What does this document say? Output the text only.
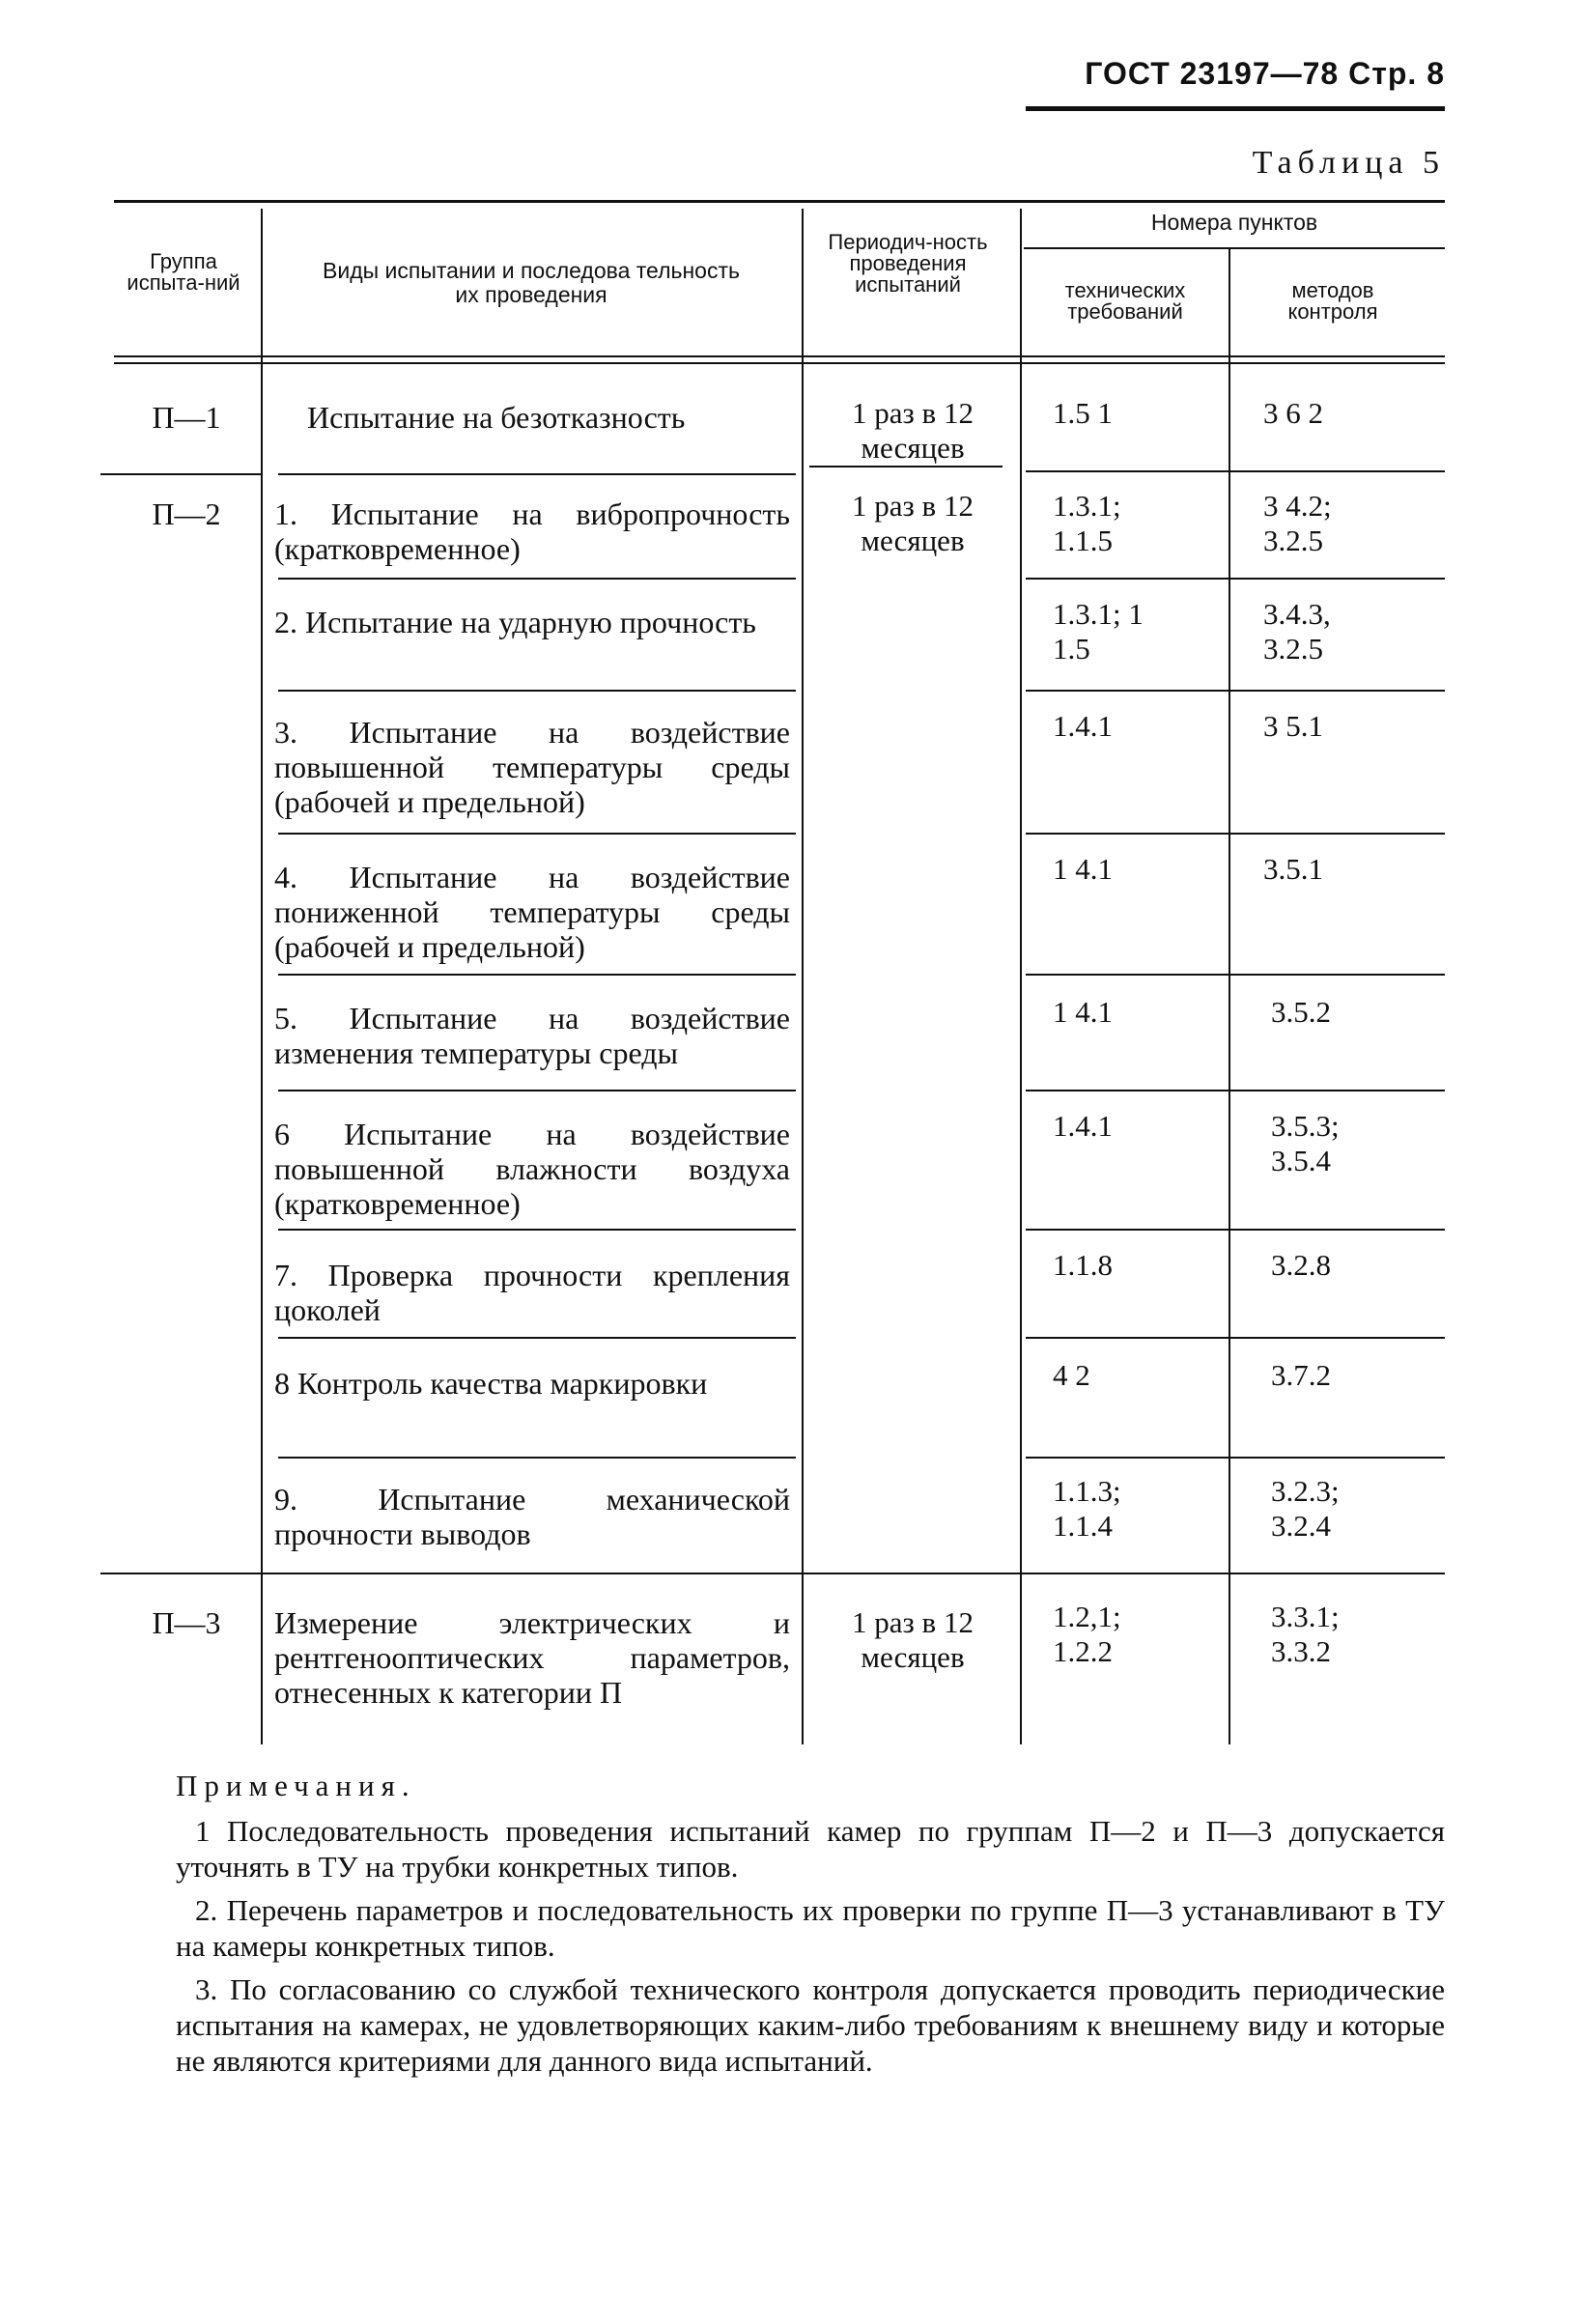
ГОСТ 23197—78 Стр. 8
Таблица 5
Группа испыта-ний	Виды испытании и последова тельность их проведения
Периодич-ность проведения испытаний
Номера пунктов
технических требований
методов контроля
П—1
П—2
П—3
1 раз в 12 месяцев
1 раз в 12 месяцев
1 раз в 12 месяцев
Испытание на безотказность
1. Испытание на вибропрочность (кратковременное)
2. Испытание на ударную прочность
3. Испытание на воздействие повышенной температуры среды (рабочей и предельной)
4. Испытание на воздействие пониженной температуры среды (рабочей и предельной)
5. Испытание на воздействие изменения температуры среды
6 Испытание на воздействие повышенной влажности воздуха (кратковременное)
7. Проверка прочности крепления цоколей
8 Контроль качества маркировки
9. Испытание механической прочности выводов
Измерение электрических и рентгенооптических параметров, отнесенных к категории П
1.5 1
1.3.1; 1.1.5
1.3.1; 1 1.5
1.4.1
1 4.1
1 4.1
1.4.1
1.1.8
4 2
1.1.3; 1.1.4
1.2,1; 1.2.2
3 6 2
3 4.2; 3.2.5
3.4.3, 3.2.5
3 5.1
3.5.1
3.5.2
3.5.3; 3.5.4
3.2.8
3.7.2
3.2.3; 3.2.4
3.3.1; 3.3.2
Примечания.

1 Последовательность проведения испытаний камер по группам П—2 и П—3 допускается уточнять в ТУ на трубки конкретных типов.

2. Перечень параметров и последовательность их проверки по группе П—3 устанавливают в ТУ на камеры конкретных типов.

3. По согласованию со службой технического контроля допускается проводить периодические испытания на камерах, не удовлетворяющих каким-либо требованиям к внешнему виду и которые не являются критериями для данного вида испытаний.
